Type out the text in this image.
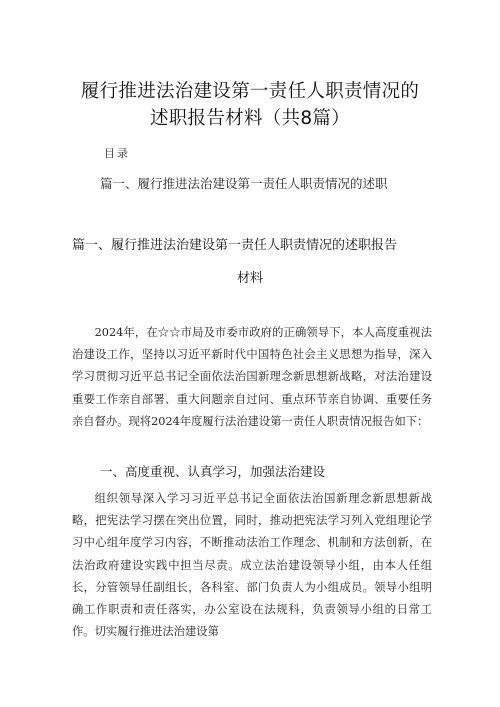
履行推进法治建设第一责任人职责情况的
述职报告材料（共8篇）
目录
篇一、履行推进法治建设第一责任人职责情况的述职
篇一、履行推进法治建设第一责任人职责情况的述职报告
材料

2024年，在☆☆市局及市委市政府的正确领导下，本人高度重视法治建设工作，坚持以习近平新时代中国特色社会主义思想为指导，深入学习贯彻习近平总书记全面依法治国新理念新思想新战略，对法治建设重要工作亲自部署、重大问题亲自过问、重点环节亲自协调、重要任务亲自督办。现将2024年度履行法治建设第一责任人职责情况报告如下：

一、高度重视、认真学习，加强法治建设

组织领导深入学习习近平总书记全面依法治国新理念新思想新战略，把宪法学习摆在突出位置，同时，推动把宪法学习列入党组理论学习中心组年度学习内容，不断推动法治工作理念、机制和方法创新，在法治政府建设实践中担当尽责。成立法治建设领导小组，由本人任组长，分管领导任副组长，各科室、部门负责人为小组成员。领导小组明确工作职责和责任落实，办公室设在法规科，负责领导小组的日常工作。切实履行推进法治建设第
